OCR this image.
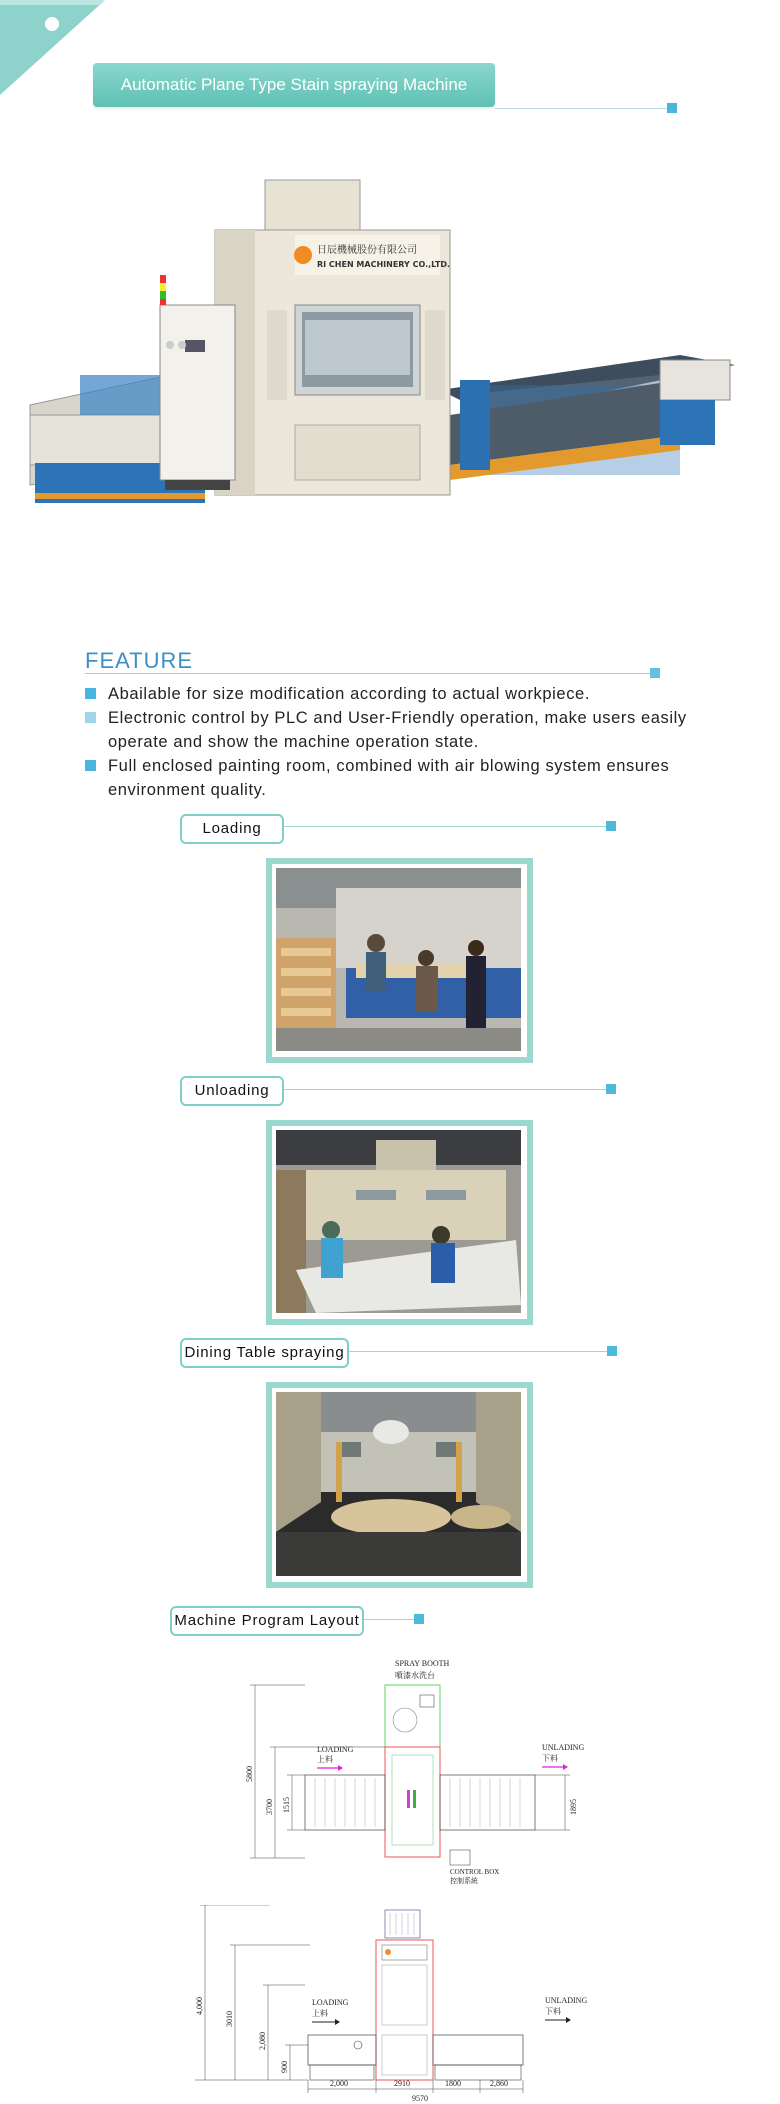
Automatic Plane Type Stain spraying Machine
日辰機械股份有限公司
RI CHEN MACHINERY CO.,LTD.
FEATURE
Abailable for size modification according to actual workpiece.
Electronic control by PLC and User-Friendly operation, make users easily operate and show the machine operation state.
Full enclosed painting room, combined with air blowing system ensures environment quality.
Loading
Unloading
Dining Table spraying
Machine Program Layout
SPRAY BOOTH
噴漆水洗台
LOADING
上料
UNLADING
下料
CONTROL BOX
控制系統
5800
3700 1515	1895
LOADING
上料
UNLADING
下料
4,000
3010
2,080
900
2,000	2910	1800	2,860
9570
